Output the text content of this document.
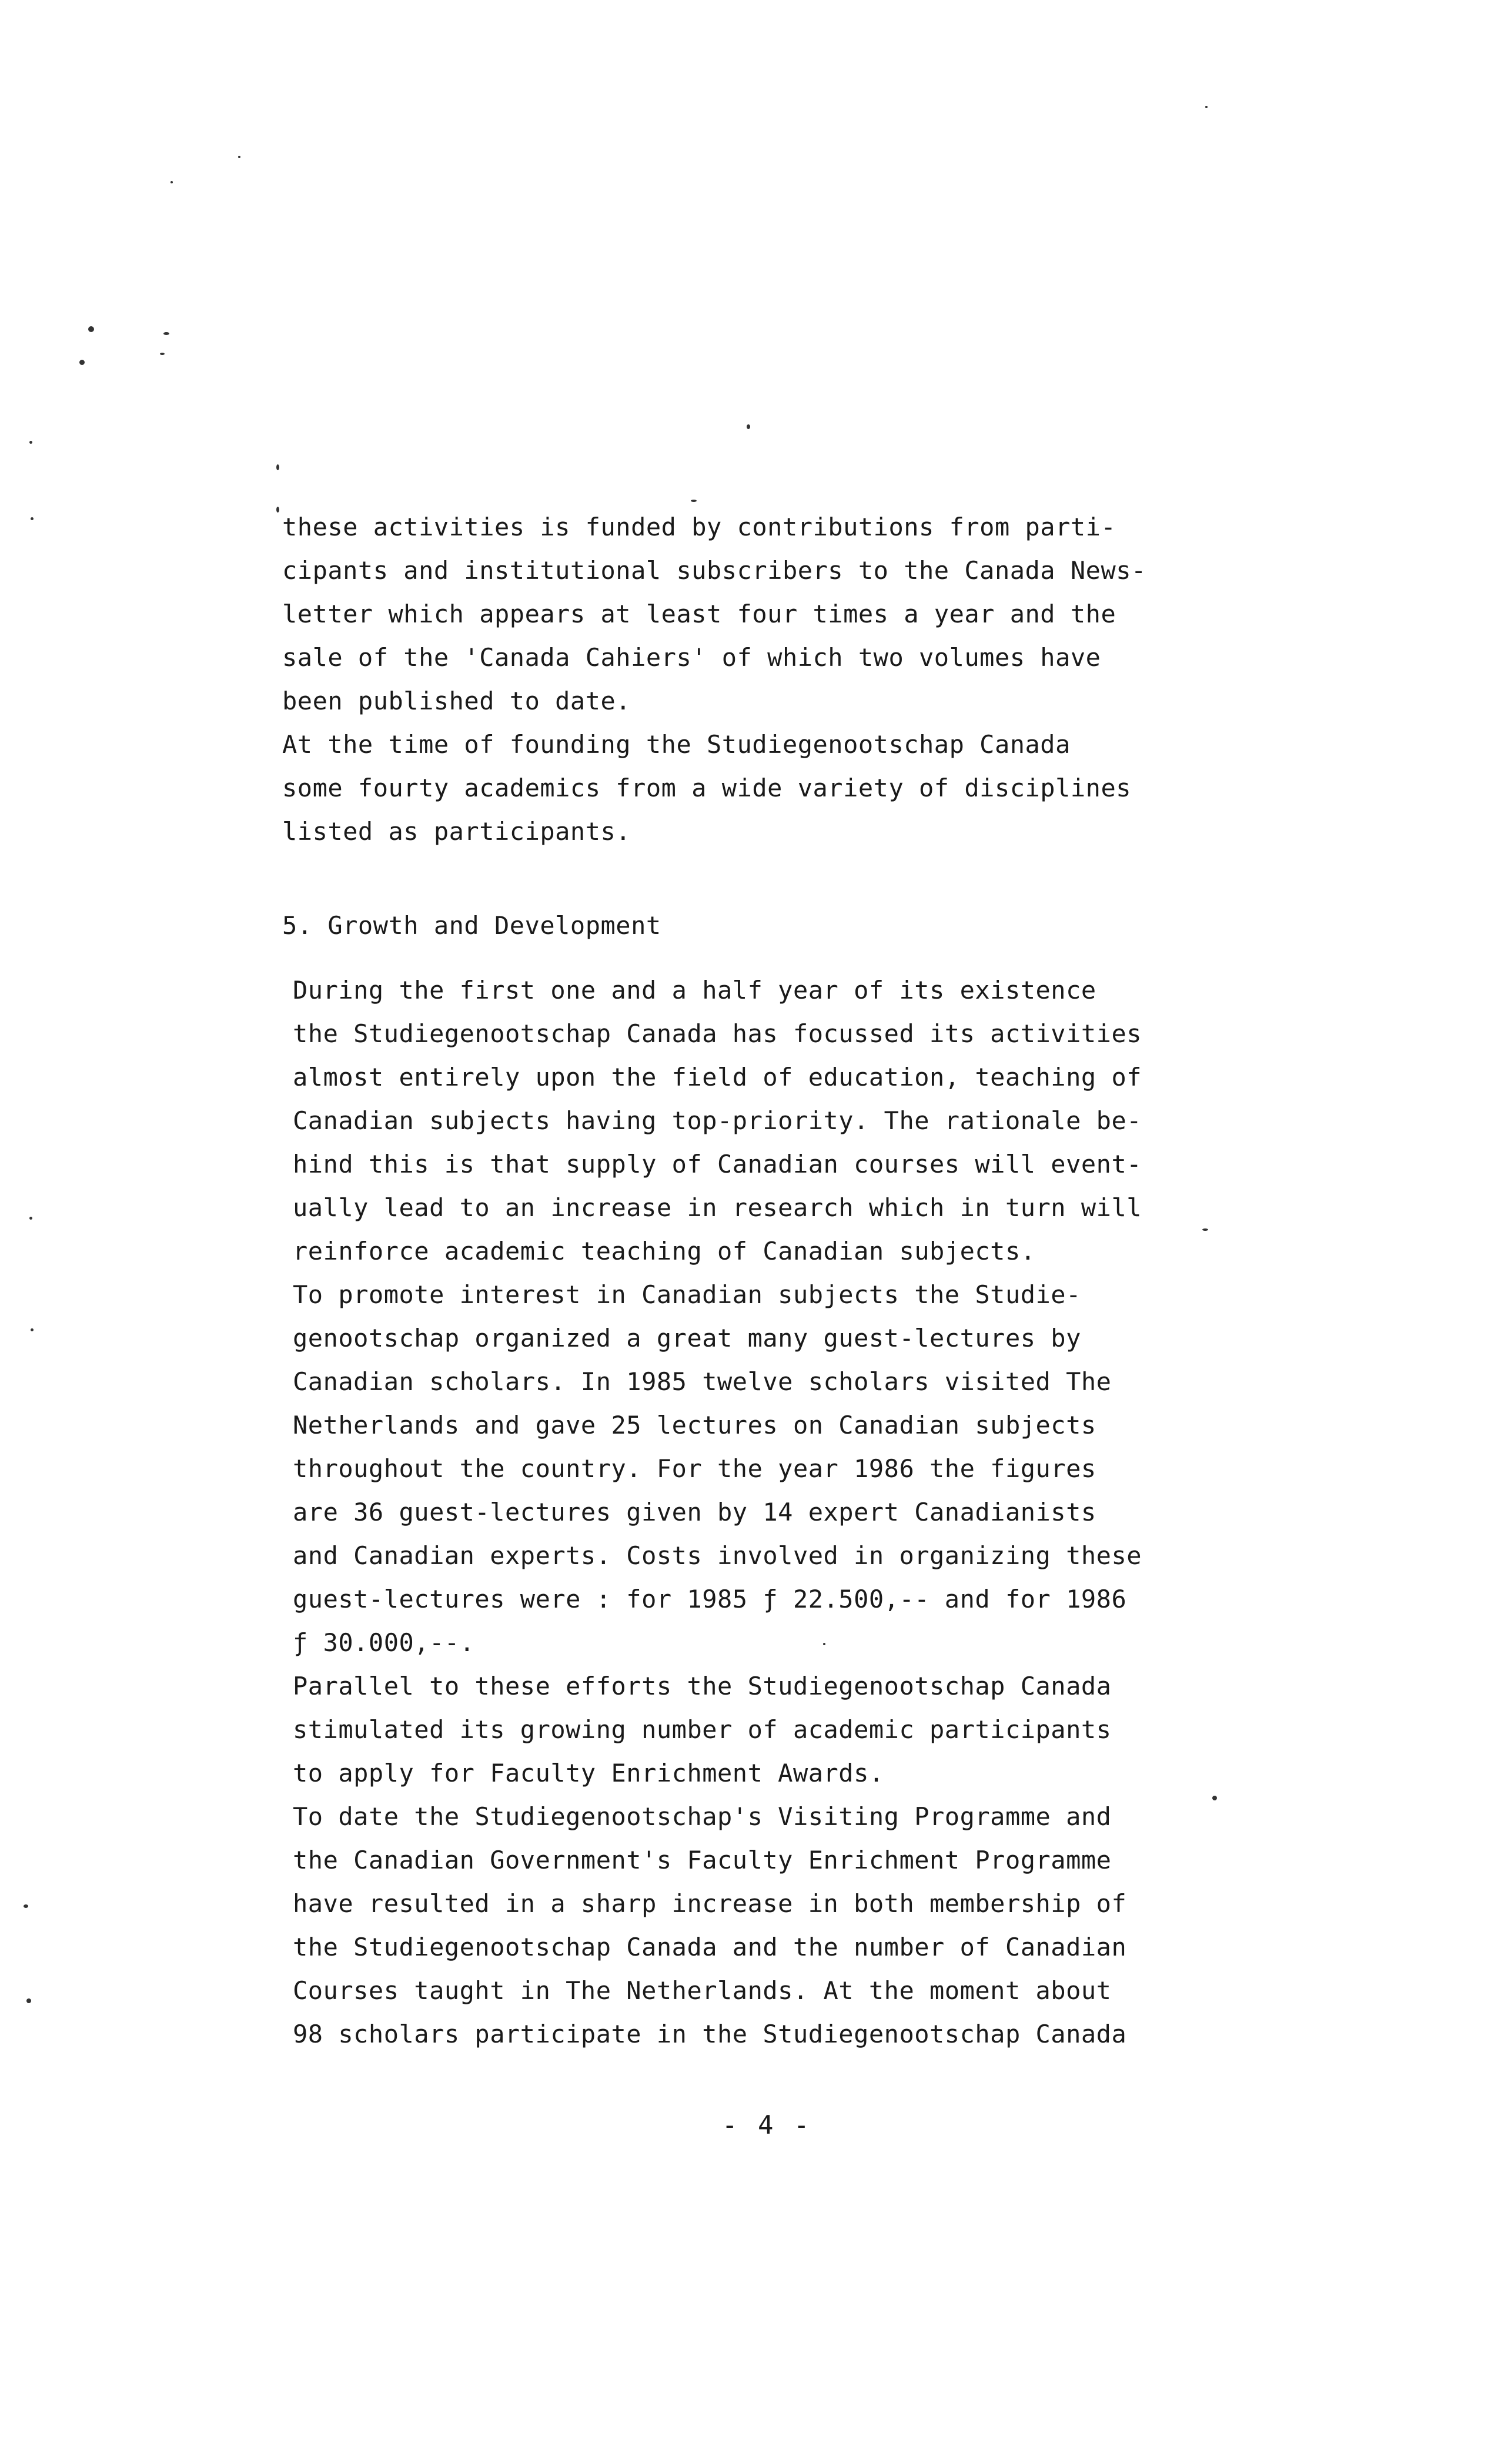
these activities is funded by contributions from parti-
cipants and institutional subscribers to the Canada News-
letter which appears at least four times a year and the
sale of the 'Canada Cahiers' of which two volumes have
been published to date.
At the time of founding the Studiegenootschap Canada
some fourty academics from a wide variety of disciplines
listed as participants.
5. Growth and Development
During the first one and a half year of its existence
the Studiegenootschap Canada has focussed its activities
almost entirely upon the field of education, teaching of
Canadian subjects having top-priority. The rationale be-
hind this is that supply of Canadian courses will event-
ually lead to an increase in research which in turn will
reinforce academic teaching of Canadian subjects.
To promote interest in Canadian subjects the Studie-
genootschap organized a great many guest-lectures by
Canadian scholars. In 1985 twelve scholars visited The
Netherlands and gave 25 lectures on Canadian subjects
throughout the country. For the year 1986 the figures
are 36 guest-lectures given by 14 expert Canadianists
and Canadian experts. Costs involved in organizing these
guest-lectures were : for 1985 ƒ 22.500,-- and for 1986
ƒ 30.000,--.
Parallel to these efforts the Studiegenootschap Canada
stimulated its growing number of academic participants
to apply for Faculty Enrichment Awards.
To date the Studiegenootschap's Visiting Programme and
the Canadian Government's Faculty Enrichment Programme
have resulted in a sharp increase in both membership of
the Studiegenootschap Canada and the number of Canadian
Courses taught in The Netherlands. At the moment about
98 scholars participate in the Studiegenootschap Canada
- 4 -
